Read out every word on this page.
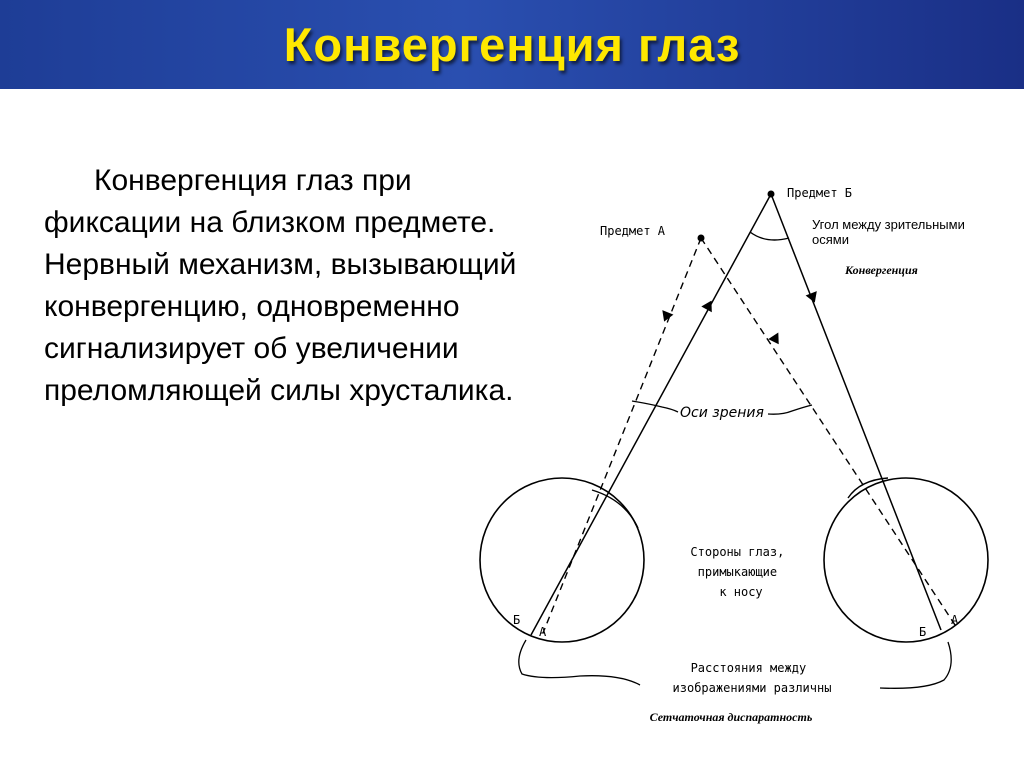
Конвергенция глаз

Конвергенция глаз при фиксации на близком предмете. Нервный механизм, вызывающий конвергенцию, одновременно сигнализирует об увеличении преломляющей силы хрусталика.

Предмет Б
Предмет А	Угол между зрительными осями
Конвергенция
Оси зрения
Стороны глаз, примыкающие к носу
Б
А	Б
А
Расстояния между изображениями различны
Сетчаточная диспаратность
